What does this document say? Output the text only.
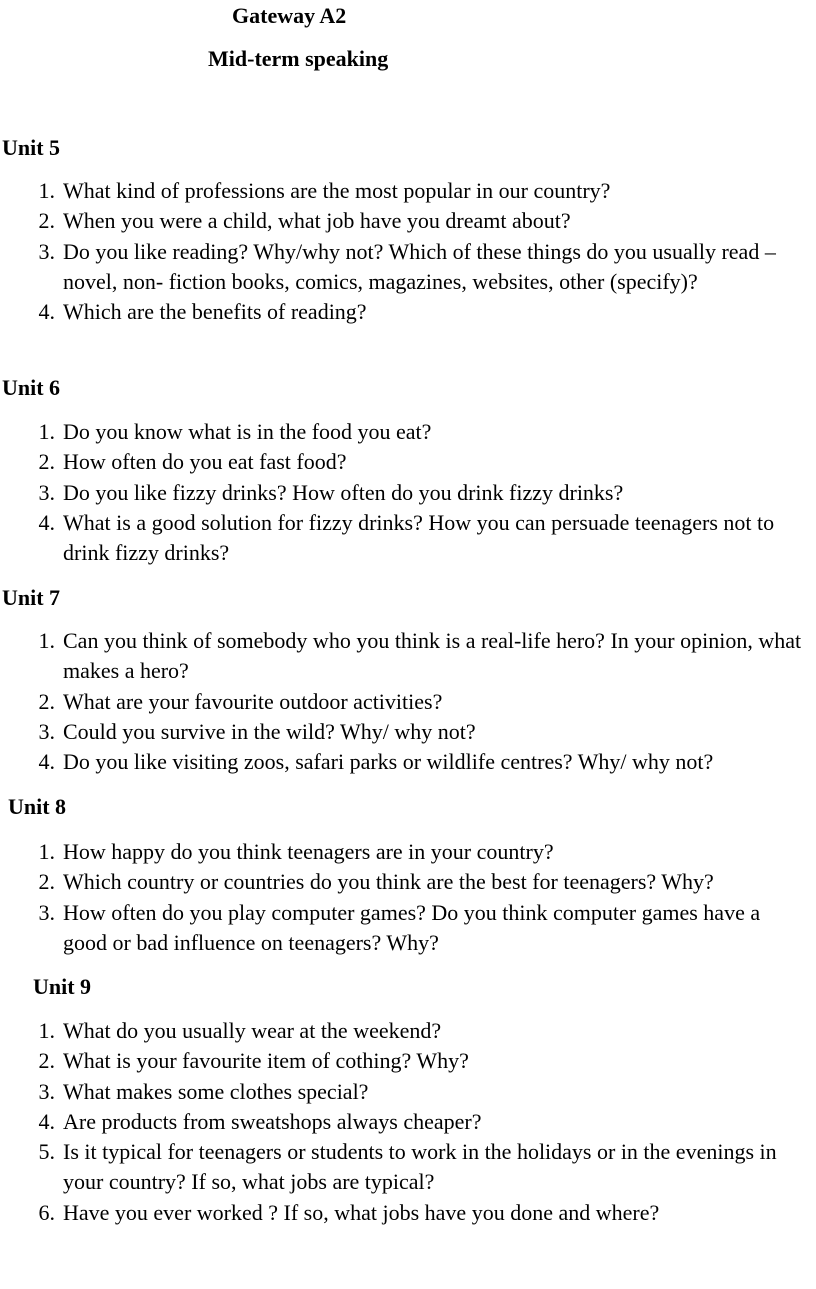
Gateway A2
Mid-term speaking
Unit 5
1. What kind of professions are the most popular in our country?
2. When you were a child, what job have you dreamt about?
3. Do you like reading? Why/why not? Which of these things do you usually read – novel, non- fiction books, comics, magazines, websites, other (specify)?
4. Which are the benefits of reading?
Unit 6
1. Do you know what is in the food you eat?
2. How often do you eat fast food?
3. Do you like fizzy drinks? How often do you drink fizzy drinks?
4. What is a good solution for fizzy drinks? How you can persuade teenagers not to drink fizzy drinks?
Unit 7
1. Can you think of somebody who you think is a real-life hero? In your opinion, what makes a hero?
2. What are your favourite outdoor activities?
3. Could you survive in the wild? Why/ why not?
4. Do you like visiting zoos, safari parks or wildlife centres? Why/ why not?
Unit 8
1. How happy do you think teenagers are in your country?
2. Which country or countries do you think are the best for teenagers? Why?
3. How often do you play computer games? Do you think computer games have a good or bad influence on teenagers? Why?
Unit 9
1. What do you usually wear at the weekend?
2. What is your favourite item of cothing? Why?
3. What makes some clothes special?
4. Are products from sweatshops always cheaper?
5. Is it typical for teenagers or students to work in the holidays or in the evenings in your country? If so, what jobs are typical?
6. Have you ever worked ? If so, what jobs have you done and where?
